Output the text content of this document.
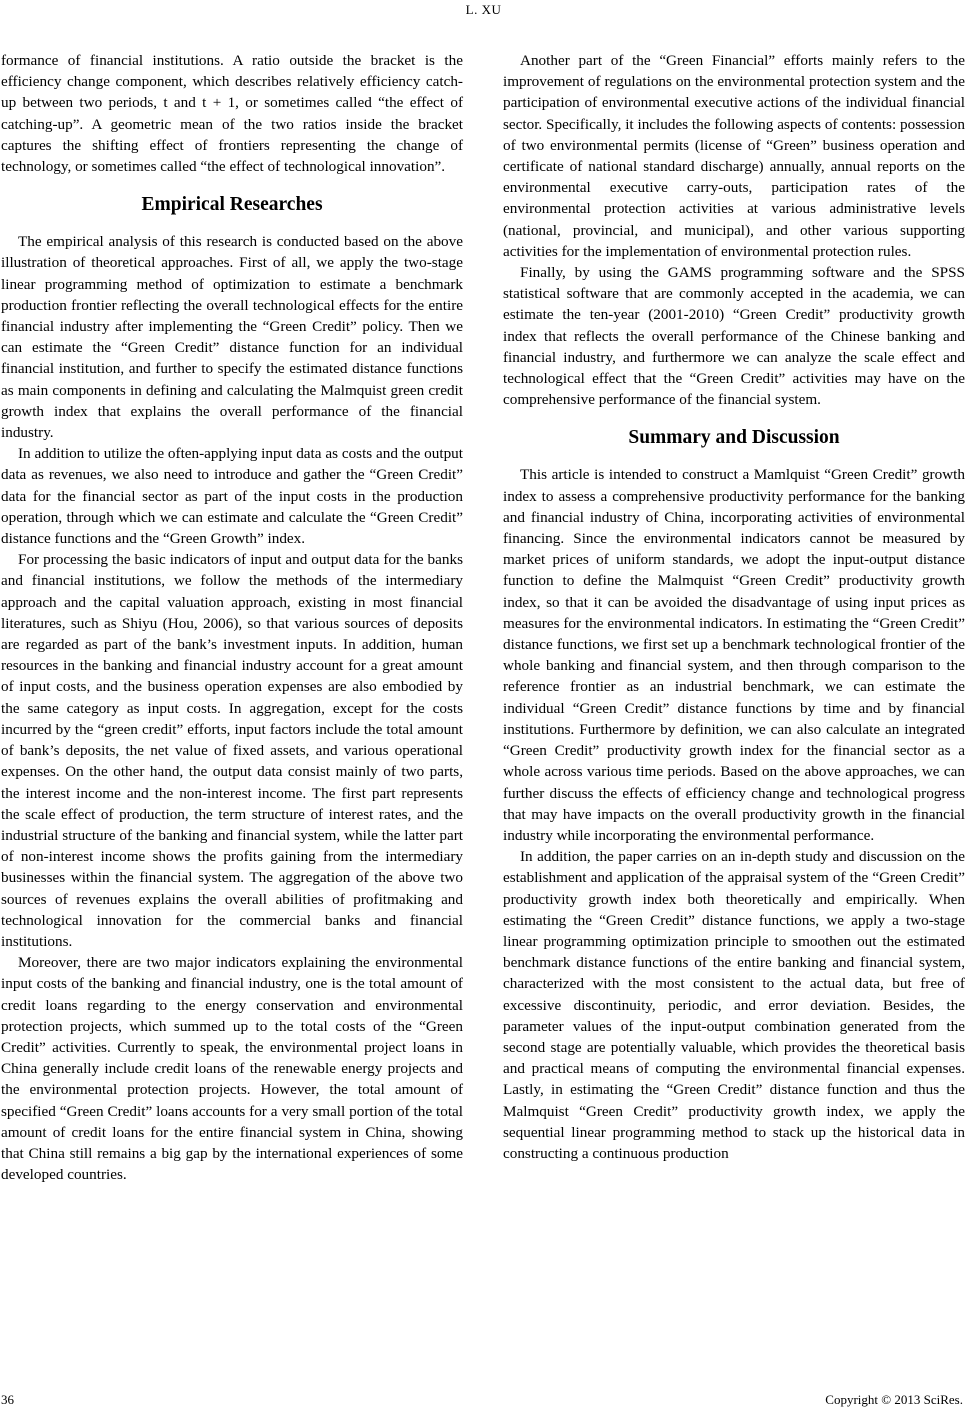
L. XU

formance of financial institutions. A ratio outside the bracket is the efficiency change component, which describes relatively efficiency catch-up between two periods, t and t + 1, or sometimes called “the effect of catching-up”. A geometric mean of the two ratios inside the bracket captures the shifting effect of frontiers representing the change of technology, or sometimes called “the effect of technological innovation”.

Empirical Researches

The empirical analysis of this research is conducted based on the above illustration of theoretical approaches. First of all, we apply the two-stage linear programming method of optimization to estimate a benchmark production frontier reflecting the overall technological effects for the entire financial industry after implementing the “Green Credit” policy. Then we can estimate the “Green Credit” distance function for an individual financial institution, and further to specify the estimated distance functions as main components in defining and calculating the Malmquist green credit growth index that explains the overall performance of the financial industry.

In addition to utilize the often-applying input data as costs and the output data as revenues, we also need to introduce and gather the “Green Credit” data for the financial sector as part of the input costs in the production operation, through which we can estimate and calculate the “Green Credit” distance functions and the “Green Growth” index.

For processing the basic indicators of input and output data for the banks and financial institutions, we follow the methods of the intermediary approach and the capital valuation approach, existing in most financial literatures, such as Shiyu (Hou, 2006), so that various sources of deposits are regarded as part of the bank’s investment inputs. In addition, human resources in the banking and financial industry account for a great amount of input costs, and the business operation expenses are also embodied by the same category as input costs. In aggregation, except for the costs incurred by the “green credit” efforts, input factors include the total amount of bank’s deposits, the net value of fixed assets, and various operational expenses. On the other hand, the output data consist mainly of two parts, the interest income and the non-interest income. The first part represents the scale effect of production, the term structure of interest rates, and the industrial structure of the banking and financial system, while the latter part of non-interest income shows the profits gaining from the intermediary businesses within the financial system. The aggregation of the above two sources of revenues explains the overall abilities of profitmaking and technological innovation for the commercial banks and financial institutions.

Moreover, there are two major indicators explaining the environmental input costs of the banking and financial industry, one is the total amount of credit loans regarding to the energy conservation and environmental protection projects, which summed up to the total costs of the “Green Credit” activities. Currently to speak, the environmental project loans in China generally include credit loans of the renewable energy projects and the environmental protection projects. However, the total amount of specified “Green Credit” loans accounts for a very small portion of the total amount of credit loans for the entire financial system in China, showing that China still remains a big gap by the international experiences of some developed countries.

Another part of the “Green Financial” efforts mainly refers to the improvement of regulations on the environmental protection system and the participation of environmental executive actions of the individual financial sector. Specifically, it includes the following aspects of contents: possession of two environmental permits (license of “Green” business operation and certificate of national standard discharge) annually, annual reports on the environmental executive carry-outs, participation rates of the environmental protection activities at various administrative levels (national, provincial, and municipal), and other various supporting activities for the implementation of environmental protection rules.

Finally, by using the GAMS programming software and the SPSS statistical software that are commonly accepted in the academia, we can estimate the ten-year (2001-2010) “Green Credit” productivity growth index that reflects the overall performance of the Chinese banking and financial industry, and furthermore we can analyze the scale effect and technological effect that the “Green Credit” activities may have on the comprehensive performance of the financial system.

Summary and Discussion

This article is intended to construct a Mamlquist “Green Credit” growth index to assess a comprehensive productivity performance for the banking and financial industry of China, incorporating activities of environmental financing. Since the environmental indicators cannot be measured by market prices of uniform standards, we adopt the input-output distance function to define the Malmquist “Green Credit” productivity growth index, so that it can be avoided the disadvantage of using input prices as measures for the environmental indicators. In estimating the “Green Credit” distance functions, we first set up a benchmark technological frontier of the whole banking and financial system, and then through comparison to the reference frontier as an industrial benchmark, we can estimate the individual “Green Credit” distance functions by time and by financial institutions. Furthermore by definition, we can also calculate an integrated “Green Credit” productivity growth index for the financial sector as a whole across various time periods. Based on the above approaches, we can further discuss the effects of efficiency change and technological progress that may have impacts on the overall productivity growth in the financial industry while incorporating the environmental performance.

In addition, the paper carries on an in-depth study and discussion on the establishment and application of the appraisal system of the “Green Credit” productivity growth index both theoretically and empirically. When estimating the “Green Credit” distance functions, we apply a two-stage linear programming optimization principle to smoothen out the estimated benchmark distance functions of the entire banking and financial system, characterized with the most consistent to the actual data, but free of excessive discontinuity, periodic, and error deviation. Besides, the parameter values of the input-output combination generated from the second stage are potentially valuable, which provides the theoretical basis and practical means of computing the environmental financial expenses. Lastly, in estimating the “Green Credit” distance function and thus the Malmquist “Green Credit” productivity growth index, we apply the sequential linear programming method to stack up the historical data in constructing a continuous production

36	Copyright © 2013 SciRes.
